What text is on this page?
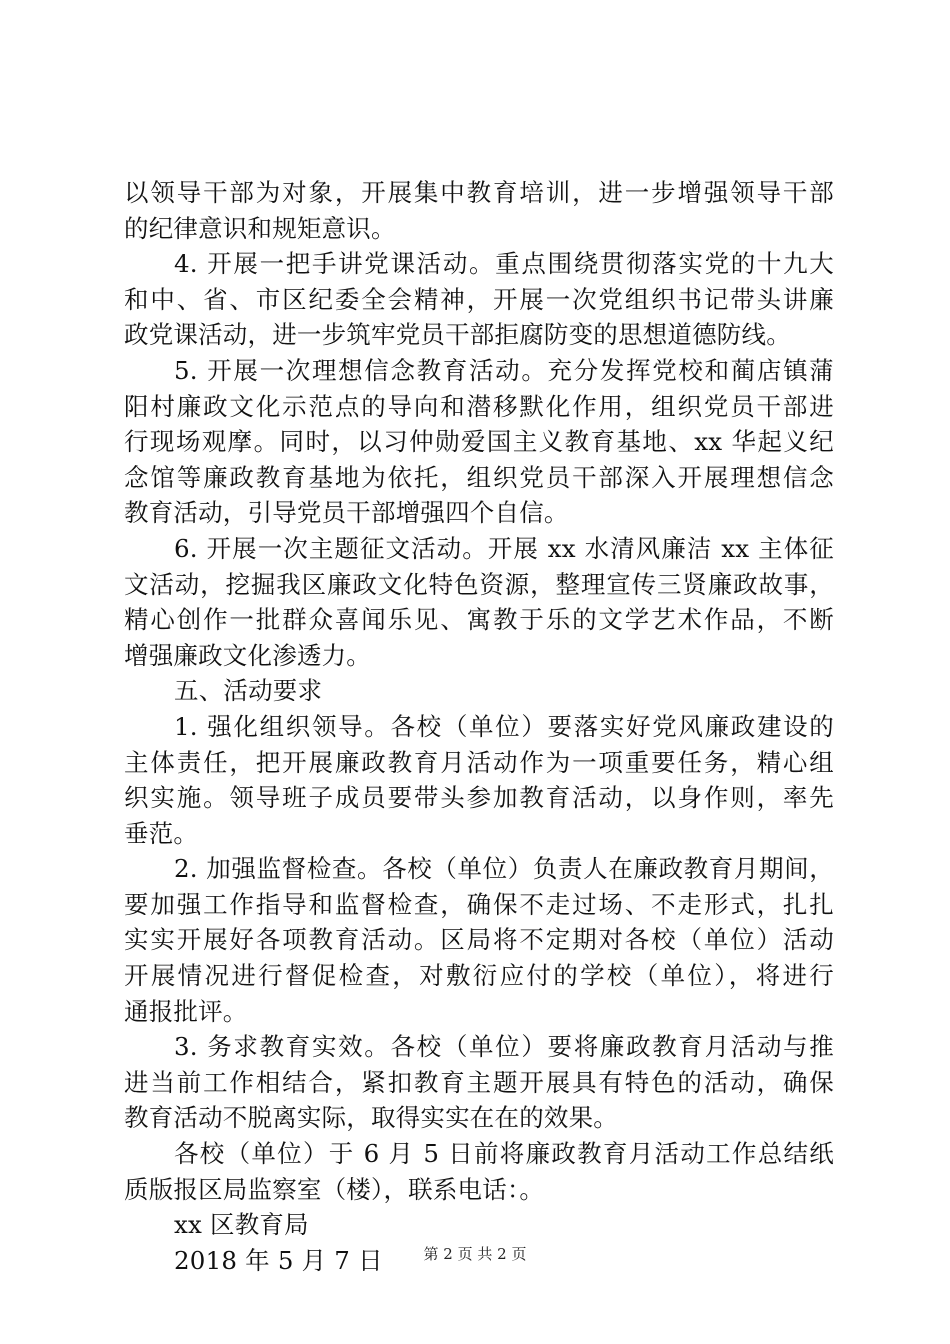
以领导干部为对象，开展集中教育培训，进一步增强领导干部
的纪律意识和规矩意识。
4. 开展一把手讲党课活动。重点围绕贯彻落实党的十九大
和中、省、市区纪委全会精神，开展一次党组织书记带头讲廉
政党课活动，进一步筑牢党员干部拒腐防变的思想道德防线。
5. 开展一次理想信念教育活动。充分发挥党校和蔺店镇蒲
阳村廉政文化示范点的导向和潜移默化作用，组织党员干部进
行现场观摩。同时，以习仲勋爱国主义教育基地、xx 华起义纪
念馆等廉政教育基地为依托，组织党员干部深入开展理想信念
教育活动，引导党员干部增强四个自信。
6. 开展一次主题征文活动。开展 xx 水清风廉洁 xx 主体征
文活动，挖掘我区廉政文化特色资源，整理宣传三贤廉政故事，
精心创作一批群众喜闻乐见、寓教于乐的文学艺术作品，不断
增强廉政文化渗透力。
五、活动要求
1. 强化组织领导。各校（单位）要落实好党风廉政建设的
主体责任，把开展廉政教育月活动作为一项重要任务，精心组
织实施。领导班子成员要带头参加教育活动，以身作则，率先
垂范。
2. 加强监督检查。各校（单位）负责人在廉政教育月期间，
要加强工作指导和监督检查，确保不走过场、不走形式，扎扎
实实开展好各项教育活动。区局将不定期对各校（单位）活动
开展情况进行督促检查，对敷衍应付的学校（单位），将进行
通报批评。
3. 务求教育实效。各校（单位）要将廉政教育月活动与推
进当前工作相结合，紧扣教育主题开展具有特色的活动，确保
教育活动不脱离实际，取得实实在在的效果。
各校（单位）于 6 月 5 日前将廉政教育月活动工作总结纸
质版报区局监察室（楼），联系电话：。
xx 区教育局
2018 年 5 月 7 日	第 2 页 共 2 页
